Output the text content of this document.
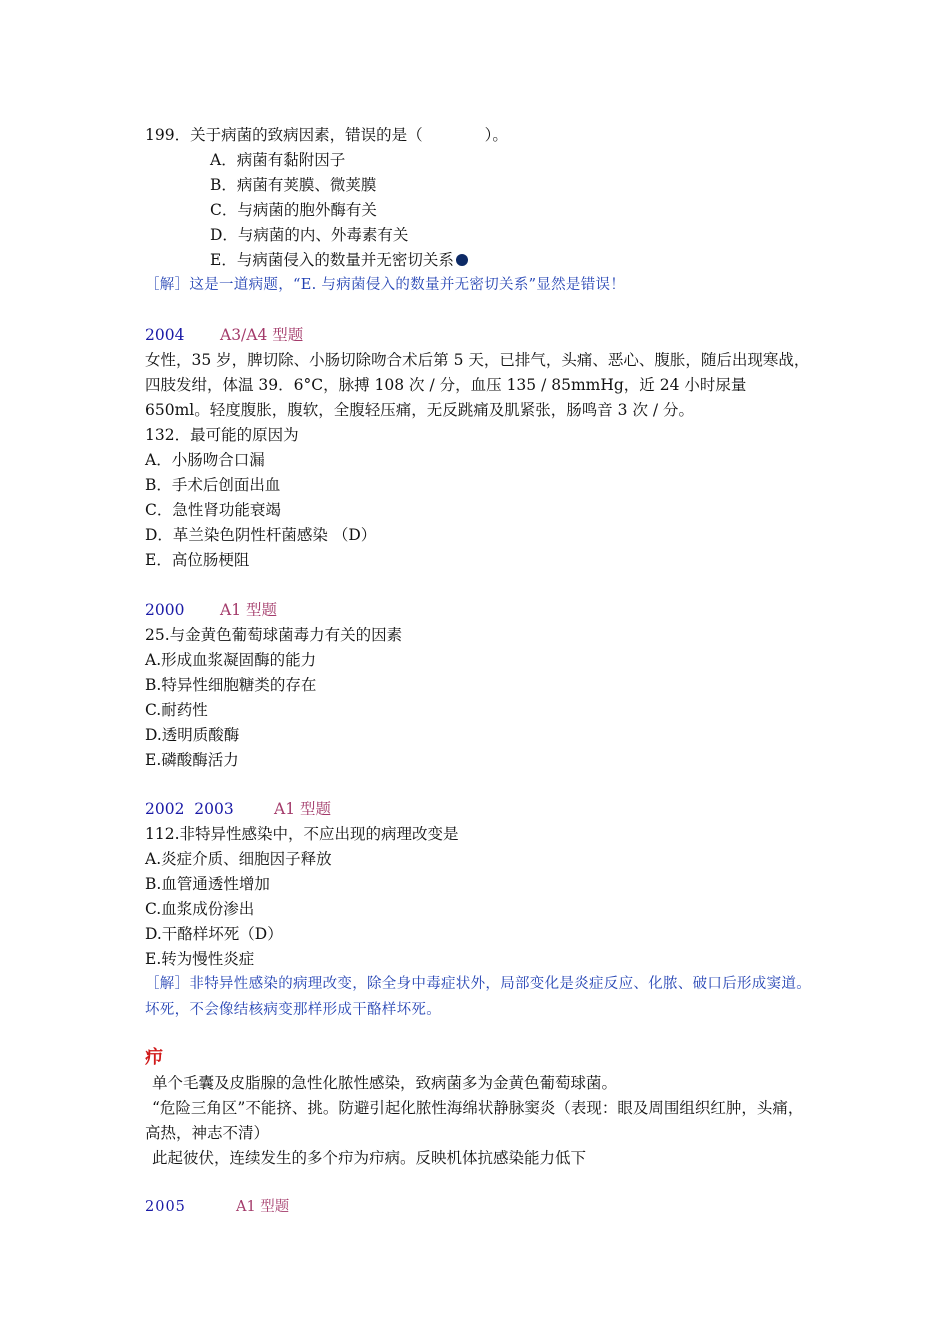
199．关于病菌的致病因素，错误的是（　　　　）。
A．病菌有黏附因子
B．病菌有荚膜、微荚膜
C．与病菌的胞外酶有关
D．与病菌的内、外毒素有关
E．与病菌侵入的数量并无密切关系
［解］这是一道病题，“E. 与病菌侵入的数量并无密切关系”显然是错误！
2004 A3/A4 型题
女性，35 岁，脾切除、小肠切除吻合术后第 5 天，已排气，头痛、恶心、腹胀，随后出现寒战，四肢发绀，体温 39．6°C，脉搏 108 次 / 分，血压 135 / 85mmHg，近 24 小时尿量 650ml。轻度腹胀，腹软，全腹轻压痛，无反跳痛及肌紧张，肠鸣音 3 次 / 分。
132．最可能的原因为
A．小肠吻合口漏
B．手术后创面出血
C．急性肾功能衰竭
D．革兰染色阴性杆菌感染 （D）
E．高位肠梗阻
2000 A1 型题
25.与金黄色葡萄球菌毒力有关的因素
A.形成血浆凝固酶的能力
B.特异性细胞糖类的存在
C.耐药性
D.透明质酸酶
E.磷酸酶活力
2002  2003	A1 型题
112.非特异性感染中，不应出现的病理改变是
A.炎症介质、细胞因子释放
B.血管通透性增加
C.血浆成份渗出
D.干酪样坏死（D）
E.转为慢性炎症
［解］非特异性感染的病理改变，除全身中毒症状外，局部变化是炎症反应、化脓、破口后形成窦道。坏死，不会像结核病变那样形成干酪样坏死。
疖
单个毛囊及皮脂腺的急性化脓性感染，致病菌多为金黄色葡萄球菌。
“危险三角区”不能挤、挑。防避引起化脓性海绵状静脉窦炎（表现：眼及周围组织红肿，头痛，高热，神志不清）
此起彼伏，连续发生的多个疖为疖病。反映机体抗感染能力低下
2005	A1 型题
